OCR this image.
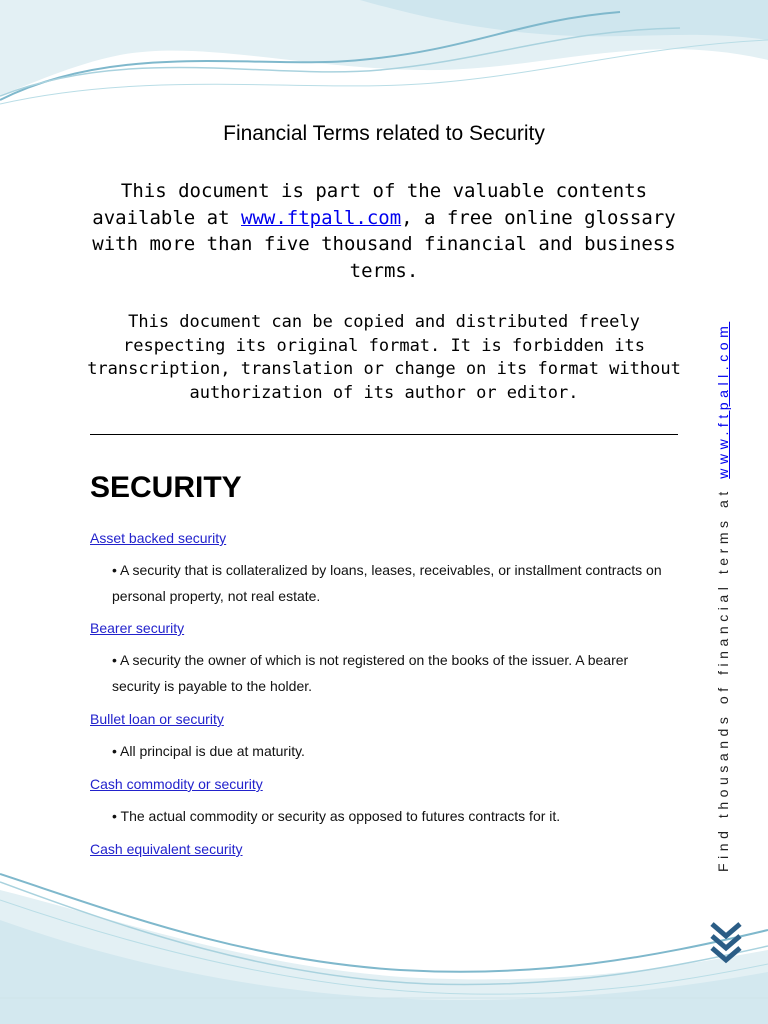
Financial Terms related to Security

This document is part of the valuable contents available at www.ftpall.com, a free online glossary with more than five thousand financial and business terms.

This document can be copied and distributed freely respecting its original format. It is forbidden its transcription, translation or change on its format without authorization of its author or editor.

SECURITY
Asset backed security
• A security that is collateralized by loans, leases, receivables, or installment contracts on personal property, not real estate.
Bearer security
• A security the owner of which is not registered on the books of the issuer. A bearer security is payable to the holder.
Bullet loan or security
• All principal is due at maturity.
Cash commodity or security
• The actual commodity or security as opposed to futures contracts for it.
Cash equivalent security	Find thousands of financial terms at www.ftpall.com
